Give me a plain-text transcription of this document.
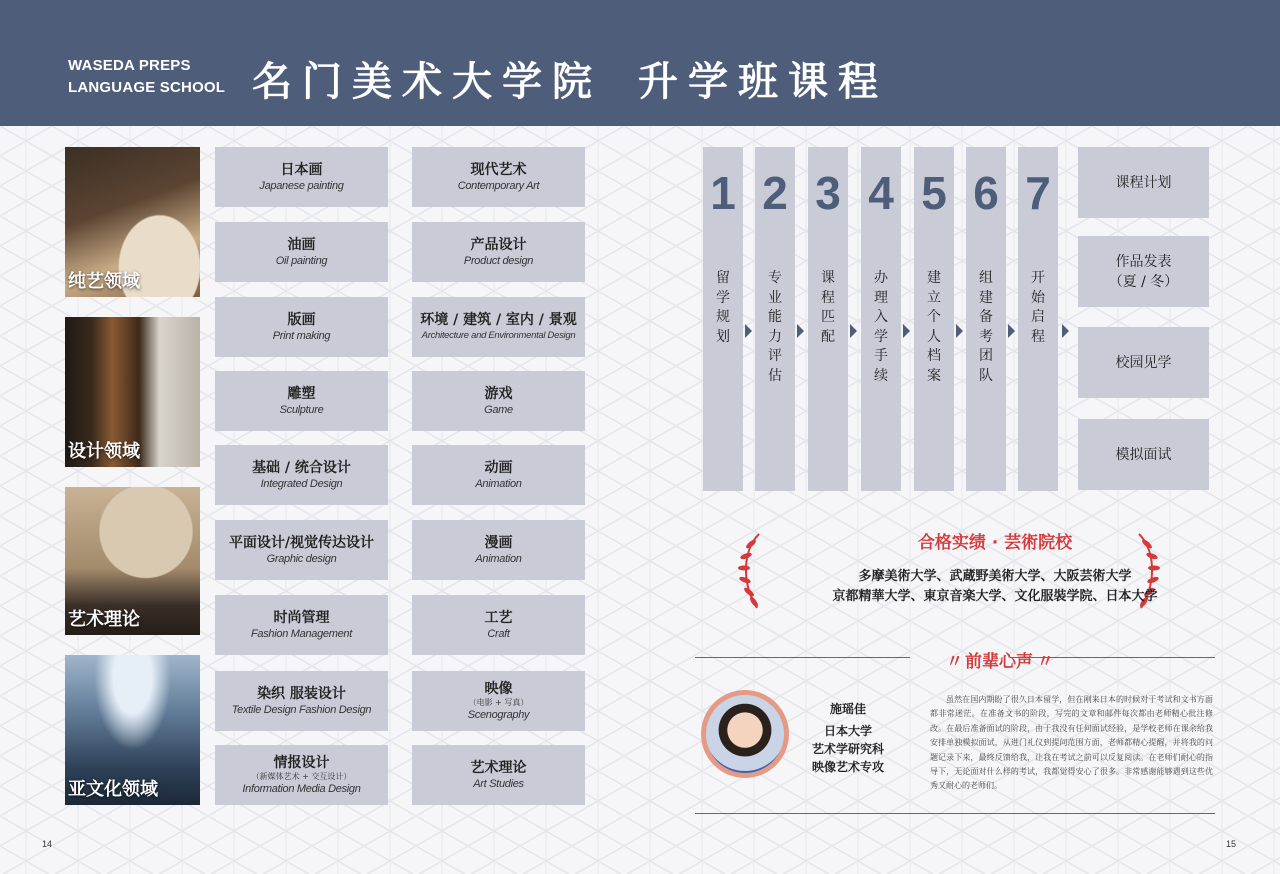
WASEDA PREPS
LANGUAGE SCHOOL 名门美术大学院 升学班课程
纯艺领域
设计领域
艺术理论
亚文化领域
日本画
Japanese painting
油画
Oil painting
版画
Print making
雕塑
Sculpture
基础 / 统合设计
Integrated Design
平面设计/视觉传达设计
Graphic design
时尚管理
Fashion Management
染织 服装设计
Textile Design Fashion Design
情报设计
（新媒体艺术 + 交互设计）
Information Media Design
现代艺术
Contemporary Art
产品设计
Product design
环境 / 建筑 / 室内 / 景观
Architecture and Environmental Design
游戏
Game
动画
Animation
漫画
Animation
工艺
Craft
映像
（电影 + 写真）
Scenography
艺术理论
Art Studies
1
留学规划
2
专业能力评估
3
课程匹配
4
办理入学手续
5
建立个人档案
6
组建备考团队
7
开始启程
课程计划
作品发表
（夏 / 冬）
校园见学
模拟面试
合格实绩 · 芸術院校
多摩美術大学、武蔵野美術大学、大阪芸術大学
京都精華大学、東京音楽大学、文化服裝学院、日本大学
〃 前辈心声 〃
施瑶佳
日本大学
艺术学研究科
映像艺术专攻
虽然在国内期盼了很久日本留学，但在刚来日本的时候对于考试和文书方面都非常迷茫。在准备文书的阶段，写完的文章和邮件每次都由老师精心批注修改。在最后准备面试的阶段，由于我没有任何面试经验，是学校老师在课余给我安排单独模拟面试，从进门礼仪到提问范围方面，老师都精心提醒，并将我的问题记录下来，最终反馈给我，让我在考试之前可以反复阅读。在老师们耐心的指导下，无论面对什么样的考试，我都觉得安心了很多。非常感谢能够遇到这些优秀又耐心的老师们。
14	15
